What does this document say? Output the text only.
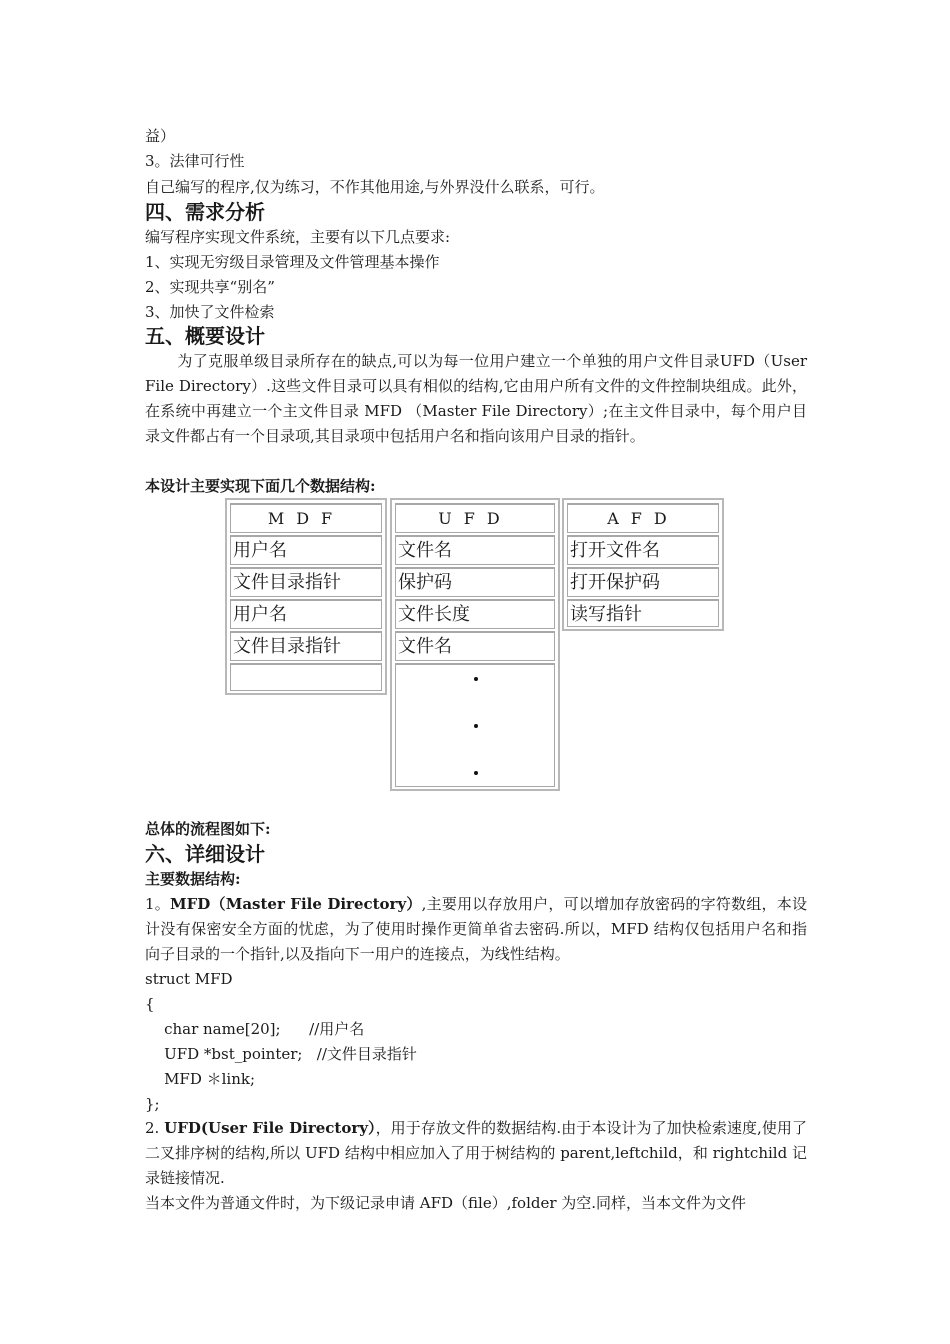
益）
3。法律可行性
自己编写的程序,仅为练习，不作其他用途,与外界没什么联系，可行。
四、需求分析
编写程序实现文件系统，主要有以下几点要求:
1、实现无穷级目录管理及文件管理基本操作
2、实现共享“别名”
3、加快了文件检索
五、概要设计
为了克服单级目录所存在的缺点,可以为每一位用户建立一个单独的用户文件目录UFD（User File Directory）.这些文件目录可以具有相似的结构,它由用户所有文件的文件控制块组成。此外，在系统中再建立一个主文件目录 MFD （Master File Directory）;在主文件目录中，每个用户目录文件都占有一个目录项,其目录项中包括用户名和指向该用户目录的指针。
本设计主要实现下面几个数据结构:
MDF
用户名
文件目录指针
用户名
文件目录指针
UFD
文件名
保护码
文件长度
文件名
AFD
打开文件名
打开保护码
读写指针
总体的流程图如下:
六、详细设计
主要数据结构:
1。MFD（Master File Directory）,主要用以存放用户，可以增加存放密码的字符数组，本设计没有保密安全方面的忧虑，为了使用时操作更简单省去密码.所以，MFD 结构仅包括用户名和指向子目录的一个指针,以及指向下一用户的连接点，为线性结构。
struct MFD
{
char name[20];      //用户名
UFD *bst_pointer;   //文件目录指针
MFD ＊link;
};
2. UFD(User File Directory），用于存放文件的数据结构.由于本设计为了加快检索速度,使用了二叉排序树的结构,所以 UFD 结构中相应加入了用于树结构的 parent,leftchild，和 rightchild 记录链接情况.
当本文件为普通文件时，为下级记录申请 AFD（file）,folder 为空.同样，当本文件为文件
